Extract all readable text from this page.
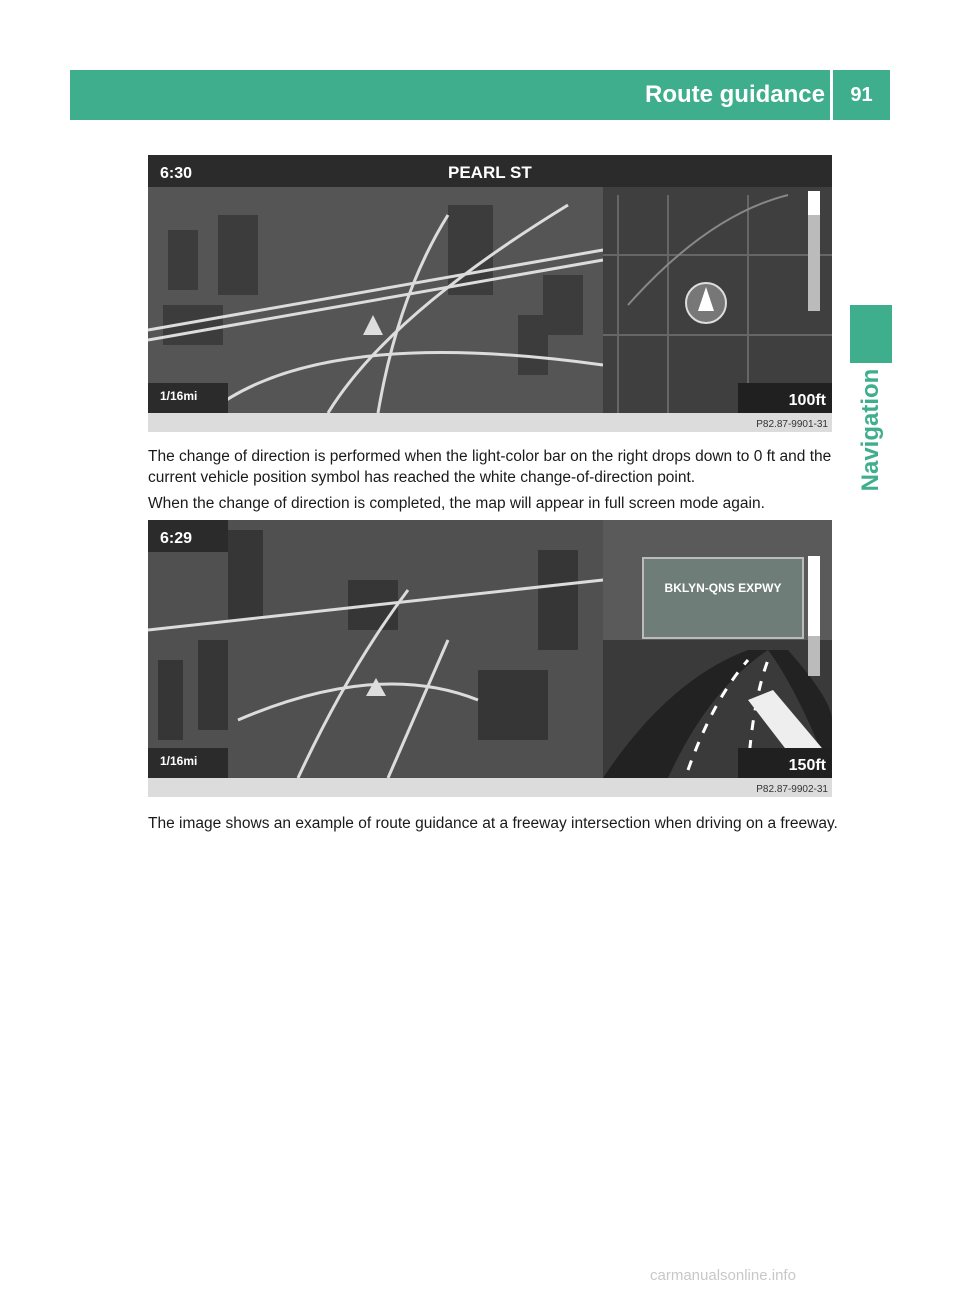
Route guidance	91
Navigation
6:30	PEARL ST
1/16mi	100ft
P82.87-9901-31

The change of direction is performed when the light-color bar on the right drops down to 0 ft and the current vehicle position symbol has reached the white change-of-direction point.

When the change of direction is completed, the map will appear in full screen mode again.

6:29
BKLYN-QNS EXPWY
1/16mi	150ft
P82.87-9902-31

The image shows an example of route guidance at a freeway intersection when driving on a freeway.

carmanualsonline.info
